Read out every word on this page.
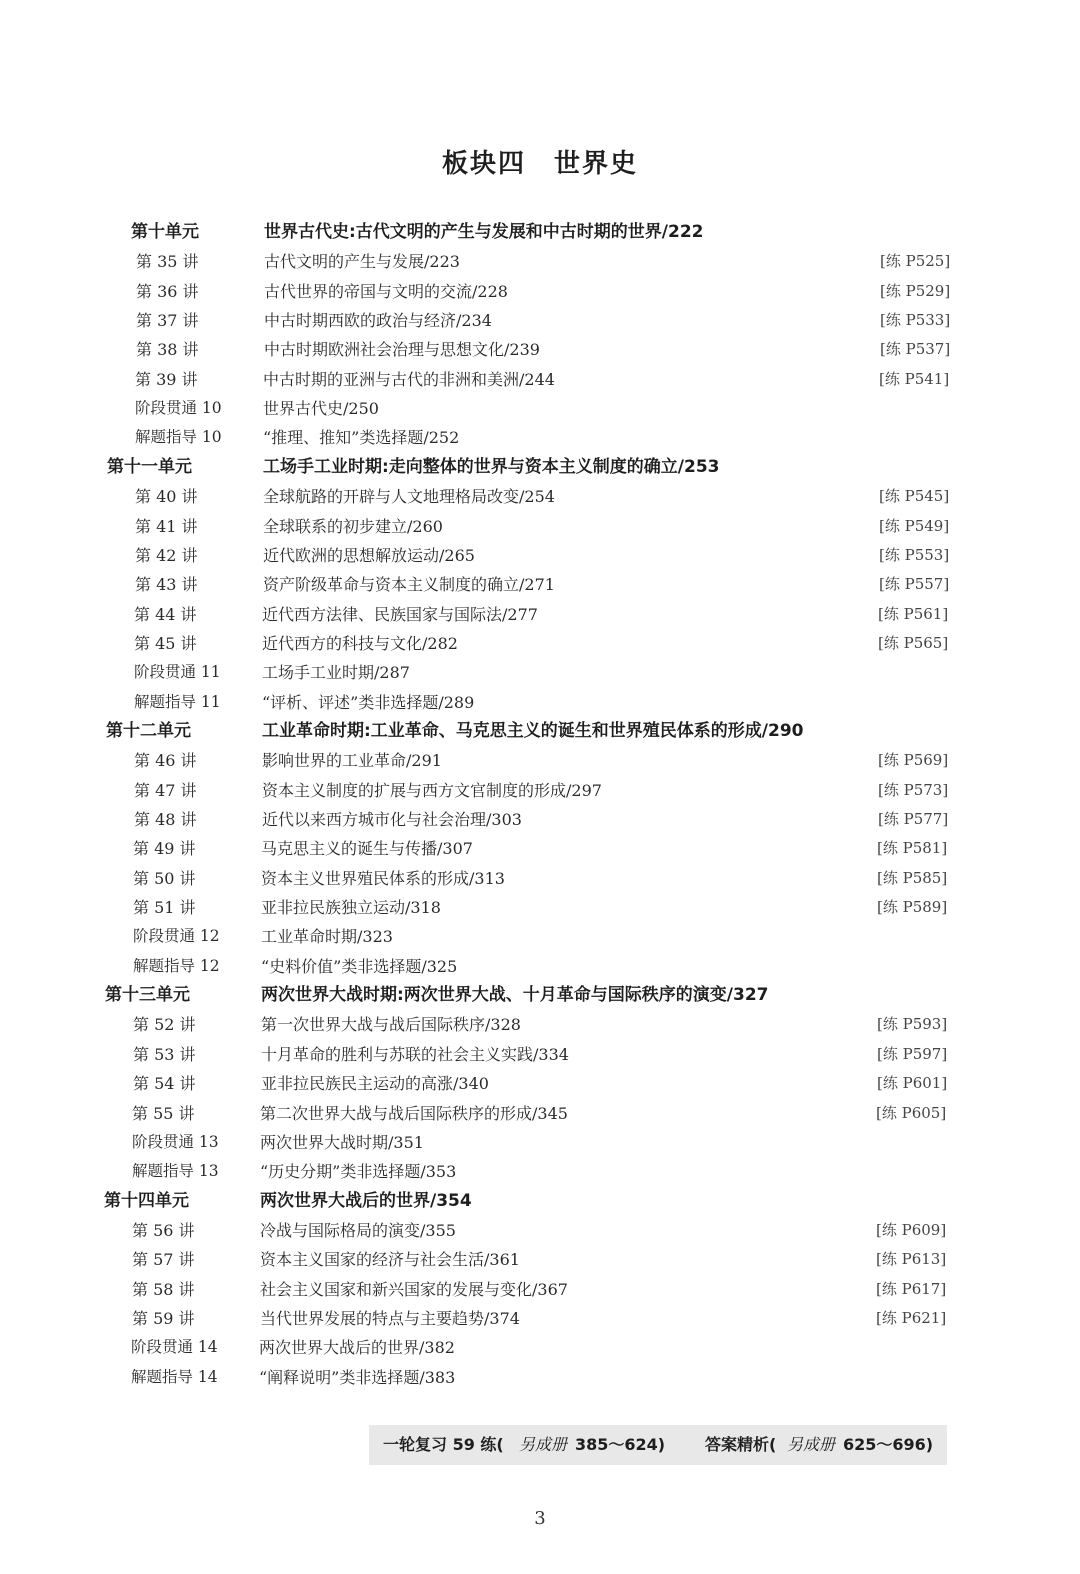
板块四　世界史
第十单元	世界古代史:古代文明的产生与发展和中古时期的世界/222
第 35 讲	古代文明的产生与发展/223	[练 P525]
第 36 讲	古代世界的帝国与文明的交流/228	[练 P529]
第 37 讲	中古时期西欧的政治与经济/234	[练 P533]
第 38 讲	中古时期欧洲社会治理与思想文化/239	[练 P537]
第 39 讲	中古时期的亚洲与古代的非洲和美洲/244	[练 P541]
阶段贯通 10	世界古代史/250
解题指导 10	“推理、推知”类选择题/252
第十一单元	工场手工业时期:走向整体的世界与资本主义制度的确立/253
第 40 讲	全球航路的开辟与人文地理格局改变/254	[练 P545]
第 41 讲	全球联系的初步建立/260	[练 P549]
第 42 讲	近代欧洲的思想解放运动/265	[练 P553]
第 43 讲	资产阶级革命与资本主义制度的确立/271	[练 P557]
第 44 讲	近代西方法律、民族国家与国际法/277	[练 P561]
第 45 讲	近代西方的科技与文化/282	[练 P565]
阶段贯通 11	工场手工业时期/287
解题指导 11	“评析、评述”类非选择题/289
第十二单元	工业革命时期:工业革命、马克思主义的诞生和世界殖民体系的形成/290
第 46 讲	影响世界的工业革命/291	[练 P569]
第 47 讲	资本主义制度的扩展与西方文官制度的形成/297	[练 P573]
第 48 讲	近代以来西方城市化与社会治理/303	[练 P577]
第 49 讲	马克思主义的诞生与传播/307	[练 P581]
第 50 讲	资本主义世界殖民体系的形成/313	[练 P585]
第 51 讲	亚非拉民族独立运动/318	[练 P589]
阶段贯通 12	工业革命时期/323
解题指导 12	“史料价值”类非选择题/325
第十三单元	两次世界大战时期:两次世界大战、十月革命与国际秩序的演变/327
第 52 讲	第一次世界大战与战后国际秩序/328	[练 P593]
第 53 讲	十月革命的胜利与苏联的社会主义实践/334	[练 P597]
第 54 讲	亚非拉民族民主运动的高涨/340	[练 P601]
第 55 讲	第二次世界大战与战后国际秩序的形成/345	[练 P605]
阶段贯通 13	两次世界大战时期/351
解题指导 13	“历史分期”类非选择题/353
第十四单元	两次世界大战后的世界/354
第 56 讲	冷战与国际格局的演变/355	[练 P609]
第 57 讲	资本主义国家的经济与社会生活/361	[练 P613]
第 58 讲	社会主义国家和新兴国家的发展与变化/367	[练 P617]
第 59 讲	当代世界发展的特点与主要趋势/374	[练 P621]
阶段贯通 14	两次世界大战后的世界/382
解题指导 14	“阐释说明”类非选择题/383
一轮复习 59 练( 另成册 385～624) 答案精析( 另成册 625～696)
3
